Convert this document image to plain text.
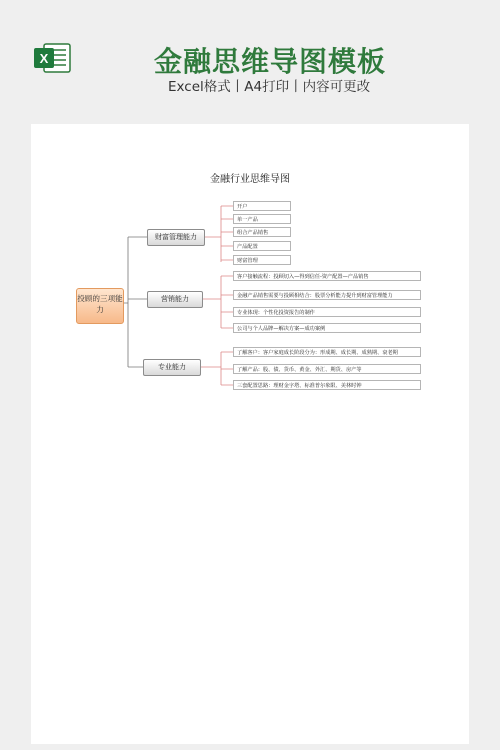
X	金融思维导图模板
Excel格式丨A4打印丨内容可更改
金融行业思维导图
投顾的三项能力
财富管理能力
开户
单一产品
组合产品销售
产品配置
财富管理
营销能力
客户接触流程：投顾切入—得到信任-资产配置—产品销售
金融产品销售需要与投顾相结合：股票分析能力提升到财富管理能力
专业体现：个性化投资报告的制作
公司与个人品牌—解决方案—成功案例
专业能力
了解客户：客户家庭成长阶段分为：形成期、成长期、成熟期、衰老期
了解产品：股、债、货币、黄金、外汇、期货、房产等
三套配置思路：理财金字塔、标准普尔象限、美林时钟
